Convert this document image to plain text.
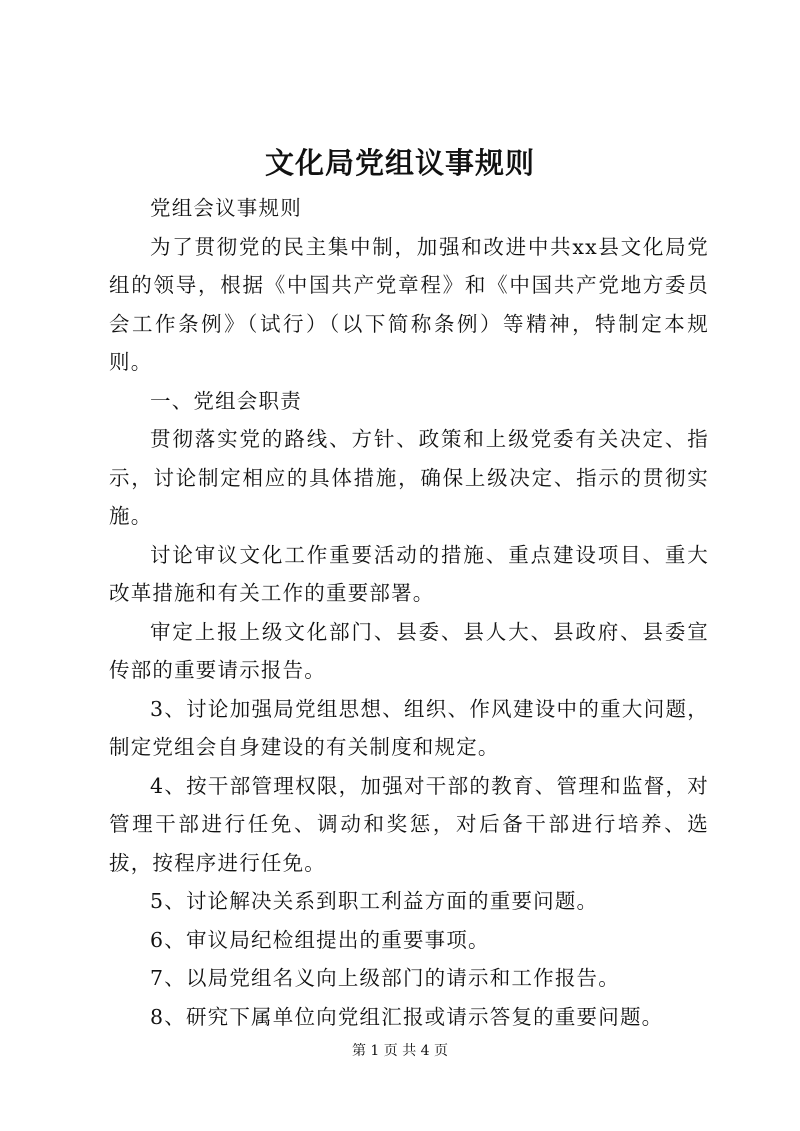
文化局党组议事规则

党组会议事规则

为了贯彻党的民主集中制，加强和改进中共xx县文化局党组的领导，根据《中国共产党章程》和《中国共产党地方委员会工作条例》（试行）（以下简称条例）等精神，特制定本规则。

一、党组会职责

贯彻落实党的路线、方针、政策和上级党委有关决定、指示，讨论制定相应的具体措施，确保上级决定、指示的贯彻实施。

讨论审议文化工作重要活动的措施、重点建设项目、重大改革措施和有关工作的重要部署。

审定上报上级文化部门、县委、县人大、县政府、县委宣传部的重要请示报告。

3、讨论加强局党组思想、组织、作风建设中的重大问题，制定党组会自身建设的有关制度和规定。

4、按干部管理权限，加强对干部的教育、管理和监督，对管理干部进行任免、调动和奖惩，对后备干部进行培养、选拔，按程序进行任免。

5、讨论解决关系到职工利益方面的重要问题。

6、审议局纪检组提出的重要事项。

7、以局党组名义向上级部门的请示和工作报告。

8、研究下属单位向党组汇报或请示答复的重要问题。

第 1 页 共 4 页
